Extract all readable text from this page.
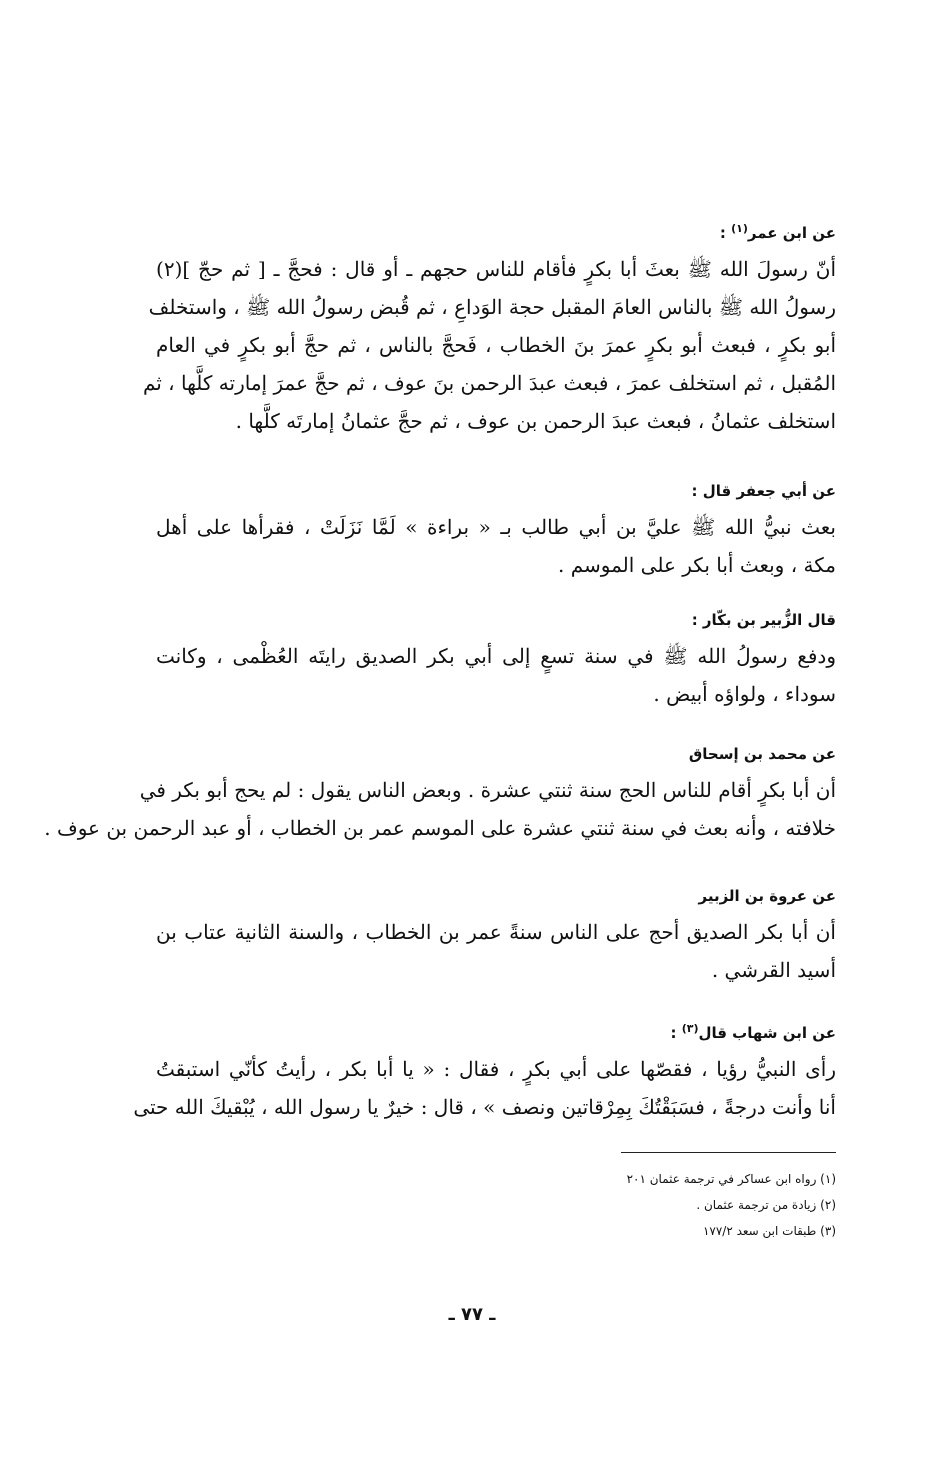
عن ابن عمر$^{(١)}$ :

أنّ رسولَ الله ﷺ بعثَ أبا بكرٍ فأقام للناس حجهم ـ أو قال : فحجَّ ـ [ ثم حجّ ](٢)

رسولُ الله ﷺ بالناس العامَ المقبل حجة الوَداعِ ، ثم قُبض رسولُ الله ﷺ ، واستخلف

أبو بكرٍ ، فبعث أبو بكرٍ عمرَ بنَ الخطاب ، فَحجَّ بالناس ، ثم حجَّ أبو بكرٍ في العام

المُقبل ، ثم استخلف عمرَ ، فبعث عبدَ الرحمن بنَ عوف ، ثم حجَّ عمرَ إمارته كلَّها ، ثم

استخلف عثمانُ ، فبعث عبدَ الرحمن بن عوف ، ثم حجَّ عثمانُ إمارتَه كلَّها .

عن أبي جعفر قال :

بعث نبيُّ الله ﷺ عليَّ بن أبي طالب بـ « براءة » لَمَّا نَزَلَتْ ، فقرأها على أهل

مكة ، وبعث أبا بكر على الموسم .

قال الزُّبير بن بكّار :

ودفع رسولُ الله ﷺ في سنة تسعٍ إلى أبي بكر الصديق رايتَه العُظْمى ، وكانت

سوداء ، ولواؤه أبيض .

عن محمد بن إسحاق

أن أبا بكرٍ أقام للناس الحج سنة ثنتي عشرة . وبعض الناس يقول : لم يحج أبو بكر في

خلافته ، وأنه بعث في سنة ثنتي عشرة على الموسم عمر بن الخطاب ، أو عبد الرحمن بن عوف .

عن عروة بن الزبير

أن أبا بكر الصديق أحج على الناس سنةً عمر بن الخطاب ، والسنة الثانية عتاب بن

أسيد القرشي .

عن ابن شهاب قال$^{(٣)}$ :

رأى النبيُّ رؤيا ، فقصّها على أبي بكرٍ ، فقال : « يا أبا بكر ، رأيتُ كأنّي استبقتُ

أنا وأنت درجةً ، فسَبَقْتُكَ بِمِرْقاتين ونصف » ، قال : خيرٌ يا رسول الله ، يُبْقيكَ الله حتى

(١) رواه ابن عساكر في ترجمة عثمان ٢٠١

(٢) زيادة من ترجمة عثمان .

(٣) طبقات ابن سعد ١٧٧/٢

ـ ٧٧ ـ
